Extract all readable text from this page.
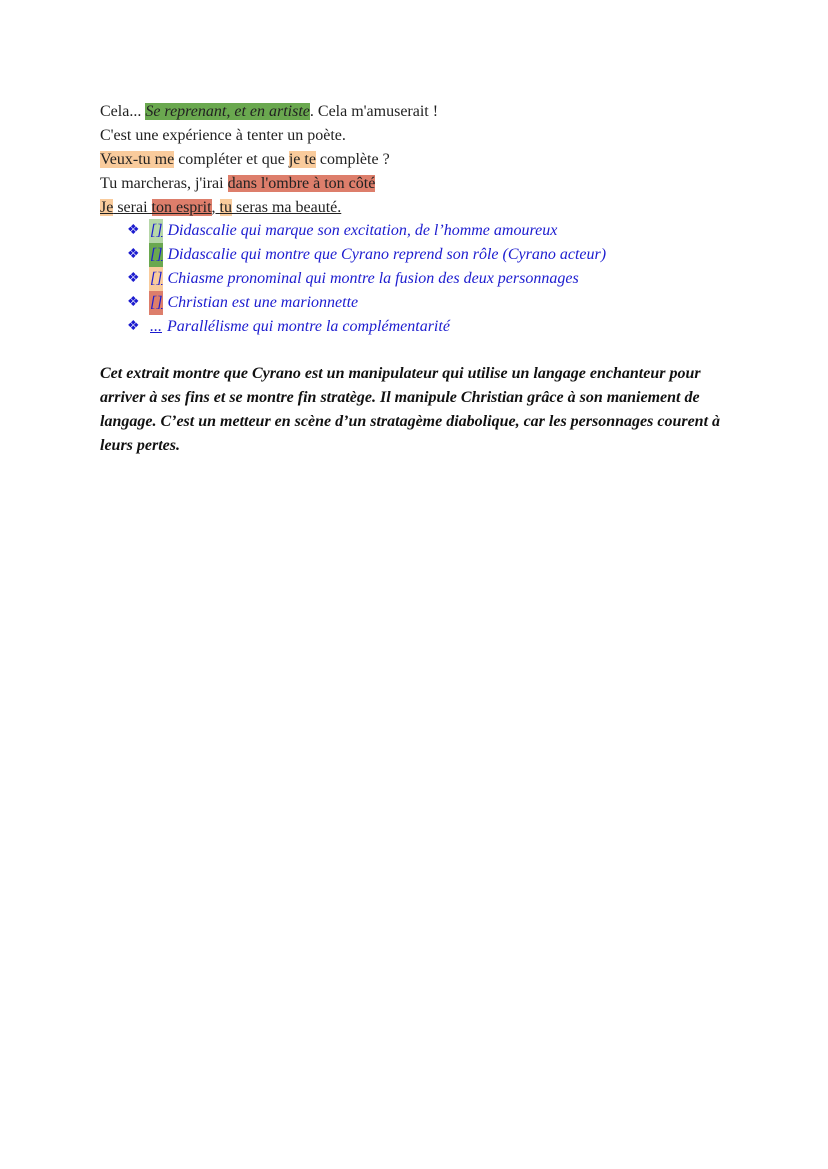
Cela... Se reprenant, et en artiste. Cela m'amuserait !
C'est une expérience à tenter un poète.
Veux-tu me compléter et que je te complète ?
Tu marcheras, j'irai dans l'ombre à ton côté
Je serai ton esprit, tu seras ma beauté.
❖ [] Didascalie qui marque son excitation, de l’homme amoureux
❖ [] Didascalie qui montre que Cyrano reprend son rôle (Cyrano acteur)
❖ [] Chiasme pronominal qui montre la fusion des deux personnages
❖ [] Christian est une marionnette
❖ ... Parallélisme qui montre la complémentarité
Cet extrait montre que Cyrano est un manipulateur qui utilise un langage enchanteur pour arriver à ses fins et se montre fin stratège. Il manipule Christian grâce à son maniement de langage. C’est un metteur en scène d’un stratagème diabolique, car les personnages courent à leurs pertes.
